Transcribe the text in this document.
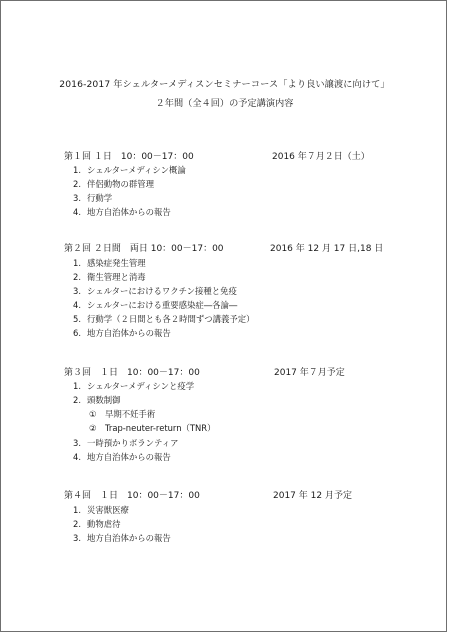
2016-2017 年シェルターメディスンセミナーコース「より良い譲渡に向けて」
２年間（全４回）の予定講演内容
第１回 １日　10：00－17：00	2016 年７月２日（土）
1. シェルターメディシン概論
2. 伴侶動物の群管理
3. 行動学
4. 地方自治体からの報告
第２回 ２日間　両日 10：00－17：00	2016 年 12 月 17 日,18 日
1. 感染症発生管理
2. 衛生管理と消毒
3. シェルターにおけるワクチン接種と免疫
4. シェルターにおける重要感染症―各論―
5. 行動学（２日間とも各２時間ずつ講義予定）
6. 地方自治体からの報告
第３回　１日　10：00－17：00	2017 年７月予定
1. シェルターメディシンと疫学
2. 頭数制御
① 早期不妊手術
② Trap-neuter-return（TNR）
3. 一時預かりボランティア
4. 地方自治体からの報告
第４回　１日　10：00－17：00	2017 年 12 月予定
1. 災害獣医療
2. 動物虐待
3. 地方自治体からの報告
